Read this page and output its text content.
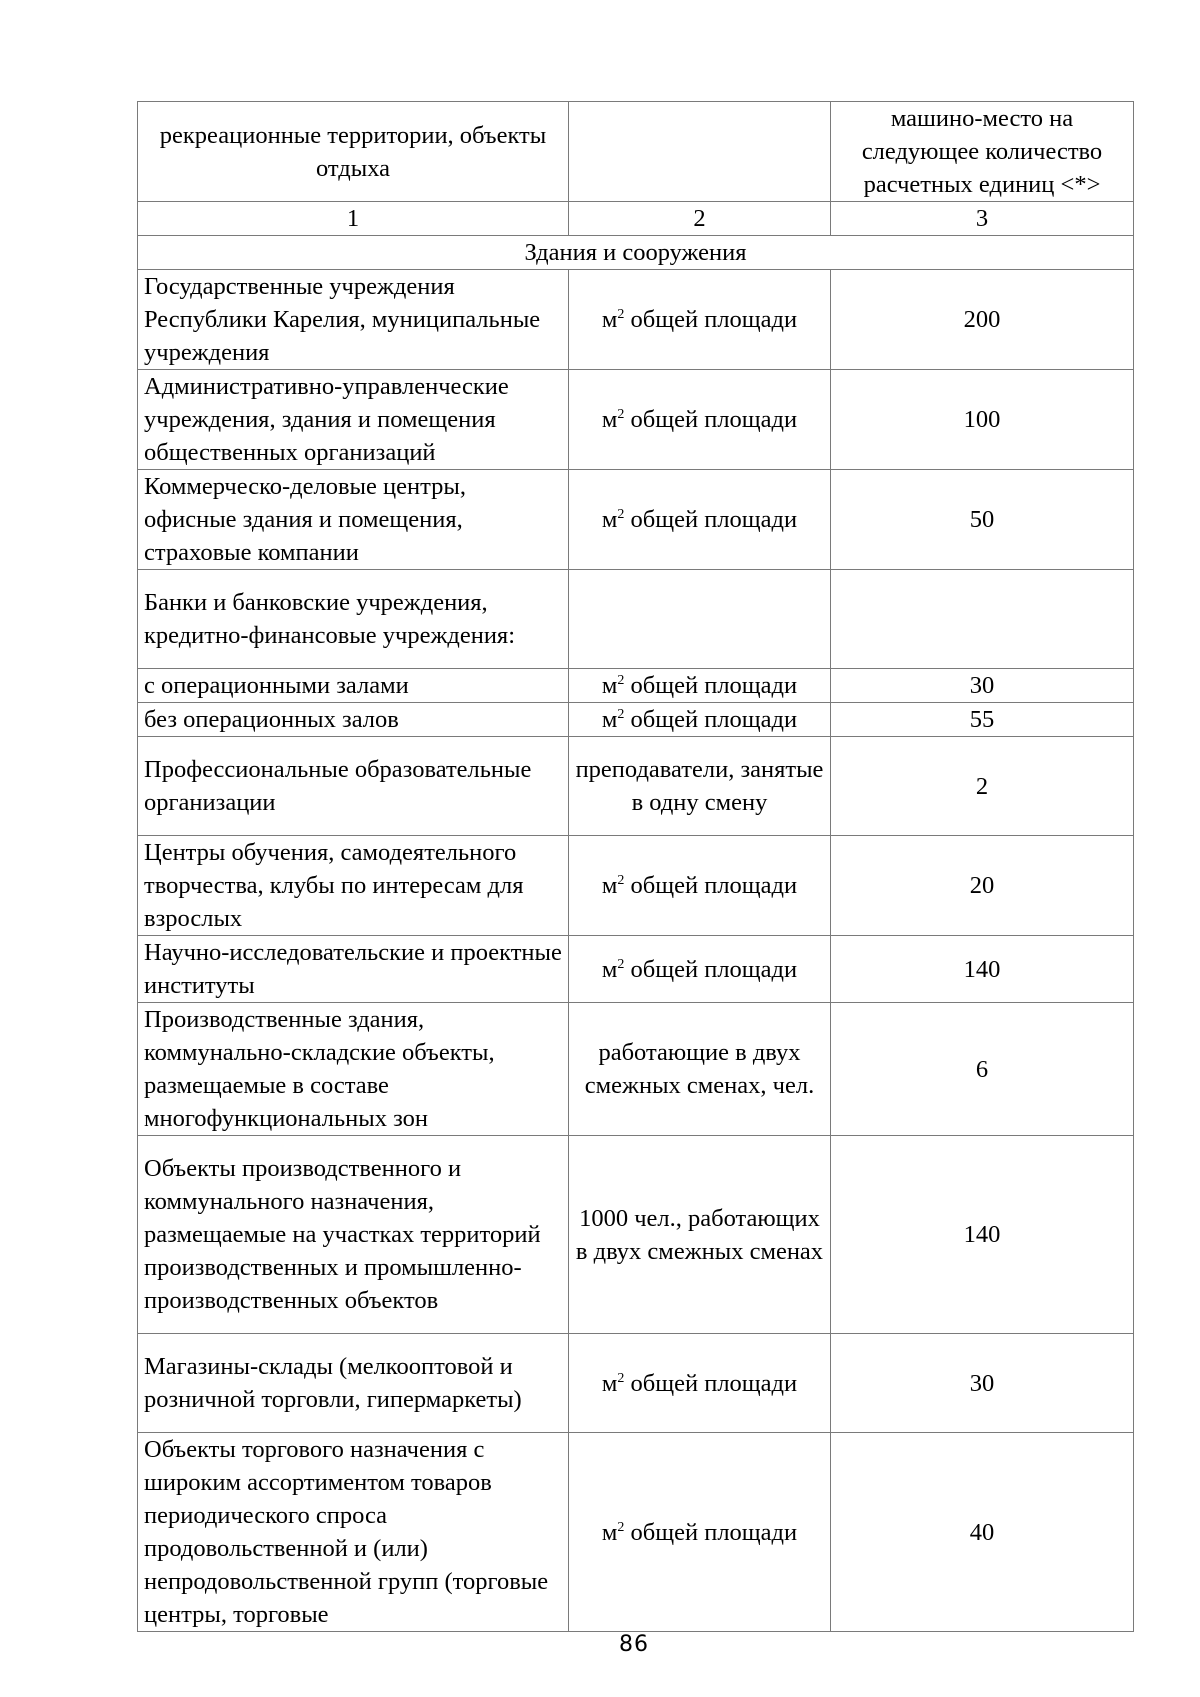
рекреационные территории, объекты отдыха		машино-место на следующее количество расчетных единиц <*>
1	2	3
Здания и сооружения		
Государственные учреждения Республики Карелия, муниципальные учреждения	$м^2$ общей площади	200
Административно-управленческие учреждения, здания и помещения общественных организаций	$м^2$ общей площади	100
Коммерческо-деловые центры, офисные здания и помещения, страховые компании	$м^2$ общей площади	50
Банки и банковские учреждения, кредитно-финансовые учреждения:		
с операционными залами	$м^2$ общей площади	30
без операционных залов	$м^2$ общей площади	55
Профессиональные образовательные организации	преподаватели, занятые в одну смену	2
Центры обучения, самодеятельного творчества, клубы по интересам для взрослых	$м^2$ общей площади	20
Научно-исследовательские и проектные институты	$м^2$ общей площади	140
Производственные здания, коммунально-складские объекты, размещаемые в составе многофункциональных зон	работающие в двух смежных сменах, чел.	6
Объекты производственного и коммунального назначения, размещаемые на участках территорий производственных и промышленно-производственных объектов	1000 чел., работающих в двух смежных сменах	140
Магазины-склады (мелкооптовой и розничной торговли, гипермаркеты)	$м^2$ общей площади	30
Объекты торгового назначения с широким ассортиментом товаров периодического спроса продовольственной и (или) непродовольственной групп (торговые центры, торговые	$м^2$ общей площади	40
86
